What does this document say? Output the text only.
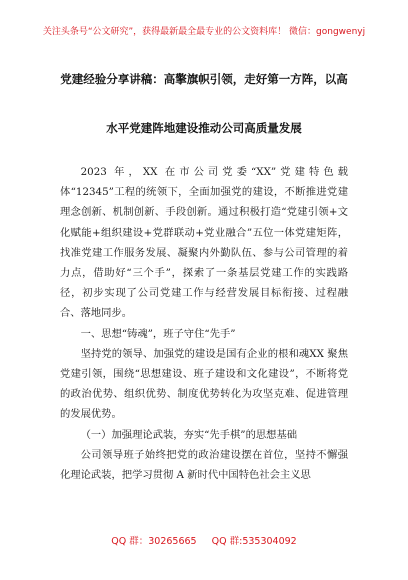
关注头条号“公文研究”，获得最新最全最专业的公文资料库！ 微信：gongwenyj
党建经验分享讲稿：高擎旗帜引领，走好第一方阵，以高
水平党建阵地建设推动公司高质量发展

2023 年，XX 在市公司党委“XX”党建特色载体“12345”工程的统领下，全面加强党的建设，不断推进党建理念创新、机制创新、手段创新。通过积极打造“党建引领+文化赋能+组织建设+党群联动+党业融合”五位一体党建矩阵，找准党建工作服务发展、凝聚内外勤队伍、参与公司管理的着力点，借助好“三个手”，探索了一条基层党建工作的实践路径，初步实现了公司党建工作与经营发展目标衔接、过程融合、落地同步。

一、思想“铸魂”，班子守住“先手”

坚持党的领导、加强党的建设是国有企业的根和魂XX 聚焦党建引领，围绕“思想建设、班子建设和文化建设”，不断将党的政治优势、组织优势、制度优势转化为攻坚克难、促进管理的发展优势。

（一）加强理论武装，夯实“先手棋”的思想基础

公司领导班子始终把党的政治建设摆在首位，坚持不懈强化理论武装，把学习贯彻 A 新时代中国特色社会主义思

QQ 群：30265665 QQ 群:535304092
